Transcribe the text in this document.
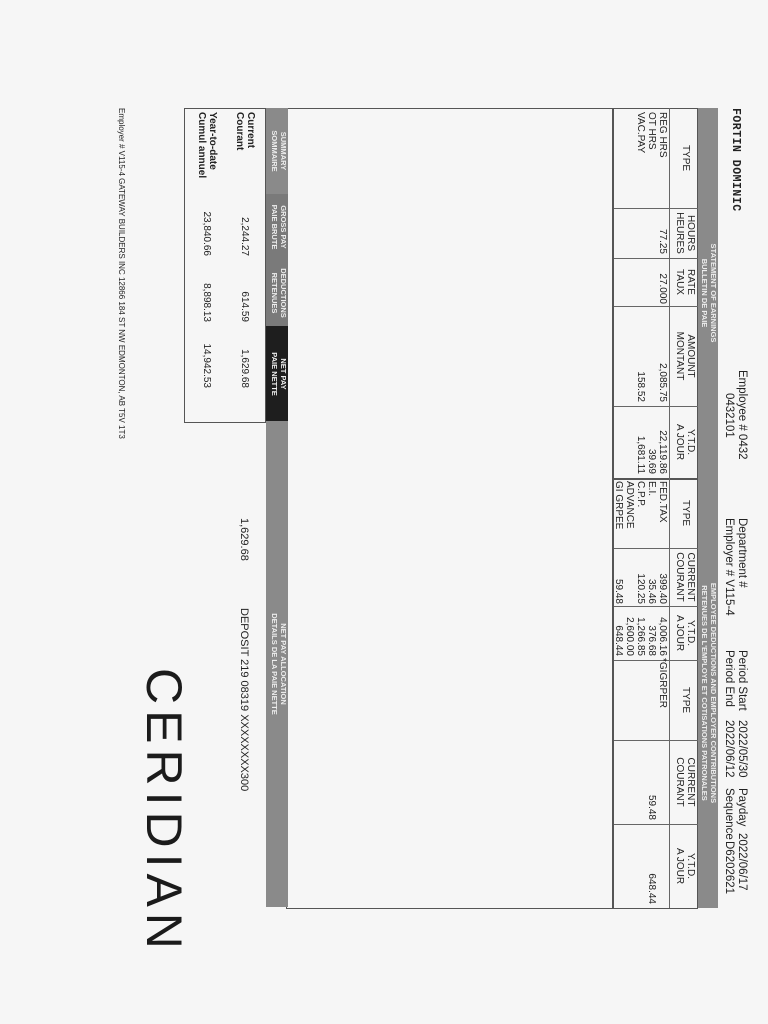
FORTIN DOMINIC
Employee # 0432
0432101
Department #
Employer # V115-4
Period Start
2022/05/30
Payday
2022/06/17
Period End
2022/06/12
Sequence
D6202621
STATEMENT OF EARNINGS
BULLETIN DE PAIE
TYPE
HOURS
HEURES
RATE
TAUX
AMOUNT
MONTANT
Y.T.D.
A JOUR
REG HRS
77.25
27.000
2,085.75
22,119.86
OT HRS
39.69
VAC.PAY
158.52
1,681.11
EMPLOYEE DEDUCTIONS AND EMPLOYER CONTRIBUTIONS
RETENUES DE L'EMPLOYE ET COTISATIONS PATRONALES
TYPE
CURRENT
COURANT
Y.T.D.
A JOUR
TYPE
CURRENT
COURANT
Y.T.D.
A JOUR
FED.TAX
399.40
4,006.16
*GIGRPER
59.48
648.44
E.I.
35.46
376.68
C.P.P.
120.25
1,266.85
ADVANCE
2,600.00
GI GRPEE
59.48
648.44
SUMMARY
SOMMAIRE
GROSS PAY
PAIE BRUTE
DEDUCTIONS
RETENUES
NET PAY
PAIE NETTE
Current
Courant
2,244.27
614.59
1,629.68
Year-to-date
Cumul annuel
23,840.66
8,898.13
14,942.53
NET PAY ALLOCATION
DETAILS DE LA PAIE NETTE
1,629.68
DEPOSIT 219 08319 XXXXXXXX300
Employer # V115-4 GATEWAY BUILDERS INC 12866 184 ST NW EDMONTON, AB T5V 1T3
CERIDIAN
